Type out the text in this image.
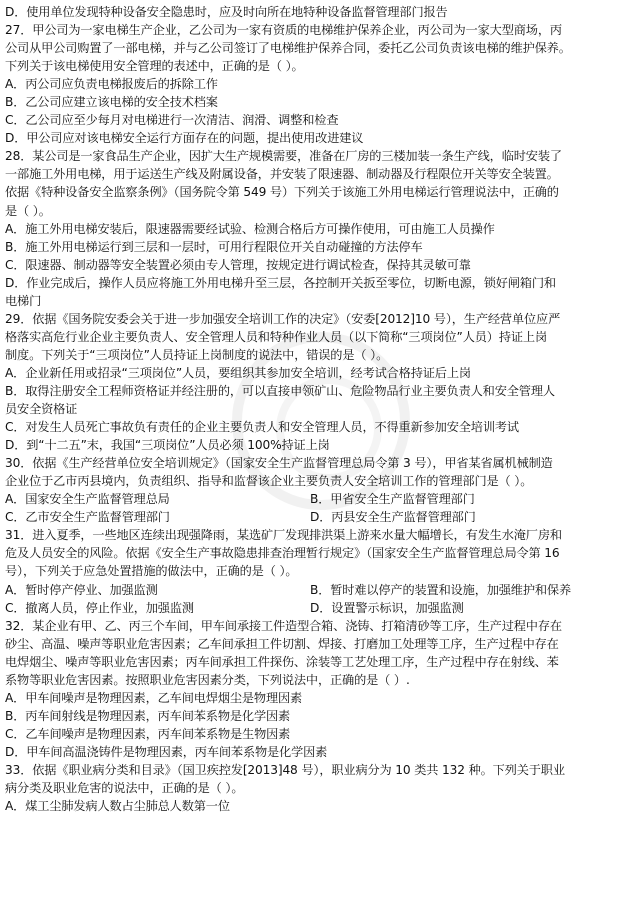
D．使用单位发现特种设备安全隐患时，应及时向所在地特种设备监督管理部门报告
27．甲公司为一家电梯生产企业，乙公司为一家有资质的电梯维护保养企业，丙公司为一家大型商场，丙
公司从甲公司购置了一部电梯，并与乙公司签订了电梯维护保养合同，委托乙公司负责该电梯的维护保养。
下列关于该电梯使用安全管理的表述中，正确的是（ ）。
A．丙公司应负责电梯报废后的拆除工作
B．乙公司应建立该电梯的安全技术档案
C．乙公司应至少每月对电梯进行一次清洁、润滑、调整和检查
D．甲公司应对该电梯安全运行方面存在的问题，提出使用改进建议
28．某公司是一家食品生产企业，因扩大生产规模需要，准备在厂房的三楼加装一条生产线，临时安装了
一部施工外用电梯，用于运送生产线及附属设备，并安装了限速器、制动器及行程限位开关等安全装置。
依据《特种设备安全监察条例》（国务院令第 549 号）下列关于该施工外用电梯运行管理说法中，正确的
是（ ）。
A．施工外用电梯安装后，限速器需要经试验、检测合格后方可操作使用，可由施工人员操作
B．施工外用电梯运行到三层和一层时，可用行程限位开关自动碰撞的方法停车
C．限速器、制动器等安全装置必须由专人管理，按规定进行调试检查，保持其灵敏可靠
D．作业完成后，操作人员应将施工外用电梯升至三层，各控制开关扳至零位，切断电源，锁好闸箱门和
电梯门
29．依据《国务院安委会关于进一步加强安全培训工作的决定》（安委[2012]10 号），生产经营单位应严
格落实高危行业企业主要负责人、安全管理人员和特种作业人员（以下简称“三项岗位”人员）持证上岗
制度。下列关于“三项岗位”人员持证上岗制度的说法中，错误的是（ ）。
A．企业新任用或招录“三项岗位”人员，要组织其参加安全培训，经考试合格持证后上岗
B．取得注册安全工程师资格证并经注册的，可以直接申领矿山、危险物品行业主要负责人和安全管理人
员安全资格证
C．对发生人员死亡事故负有责任的企业主要负责人和安全管理人员，不得重新参加安全培训考试
D．到“十二五”末，我国“三项岗位”人员必须 100%持证上岗
30．依据《生产经营单位安全培训规定》（国家安全生产监督管理总局令第 3 号），甲省某省属机械制造
企业位于乙市丙县境内，负责组织、指导和监督该企业主要负责人安全培训工作的管理部门是（ ）。
A．国家安全生产监督管理总局	B．甲省安全生产监督管理部门
C．乙市安全生产监督管理部门	D．丙县安全生产监督管理部门
31．进入夏季，一些地区连续出现强降雨，某选矿厂发现排洪渠上游来水量大幅增长，有发生水淹厂房和
危及人员安全的风险。依据《安全生产事故隐患排查治理暂行规定》（国家安全生产监督管理总局令第 16
号），下列关于应急处置措施的做法中，正确的是（ ）。
A．暂时停产停业、加强监测	B．暂时难以停产的装置和设施，加强维护和保养
C．撤离人员，停止作业，加强监测	D．设置警示标识，加强监测
32．某企业有甲、乙、丙三个车间，甲车间承接工件造型合箱、浇铸、打箱清砂等工序，生产过程中存在
砂尘、高温、噪声等职业危害因素；乙车间承担工件切割、焊接、打磨加工处理等工序，生产过程中存在
电焊烟尘、噪声等职业危害因素；丙车间承担工件探伤、涂装等工艺处理工序，生产过程中存在射线、苯
系物等职业危害因素。按照职业危害因素分类，下列说法中，正确的是（ ）.
A．甲车间噪声是物理因素，乙车间电焊烟尘是物理因素
B．丙车间射线是物理因素，丙车间苯系物是化学因素
C．乙车间噪声是物理因素，丙车间苯系物是生物因素
D．甲车间高温浇铸件是物理因素，丙车间苯系物是化学因素
33．依据《职业病分类和目录》（国卫疾控发[2013]48 号），职业病分为 10 类共 132 种。下列关于职业
病分类及职业危害的说法中，正确的是（ ）。
A．煤工尘肺发病人数占尘肺总人数第一位
